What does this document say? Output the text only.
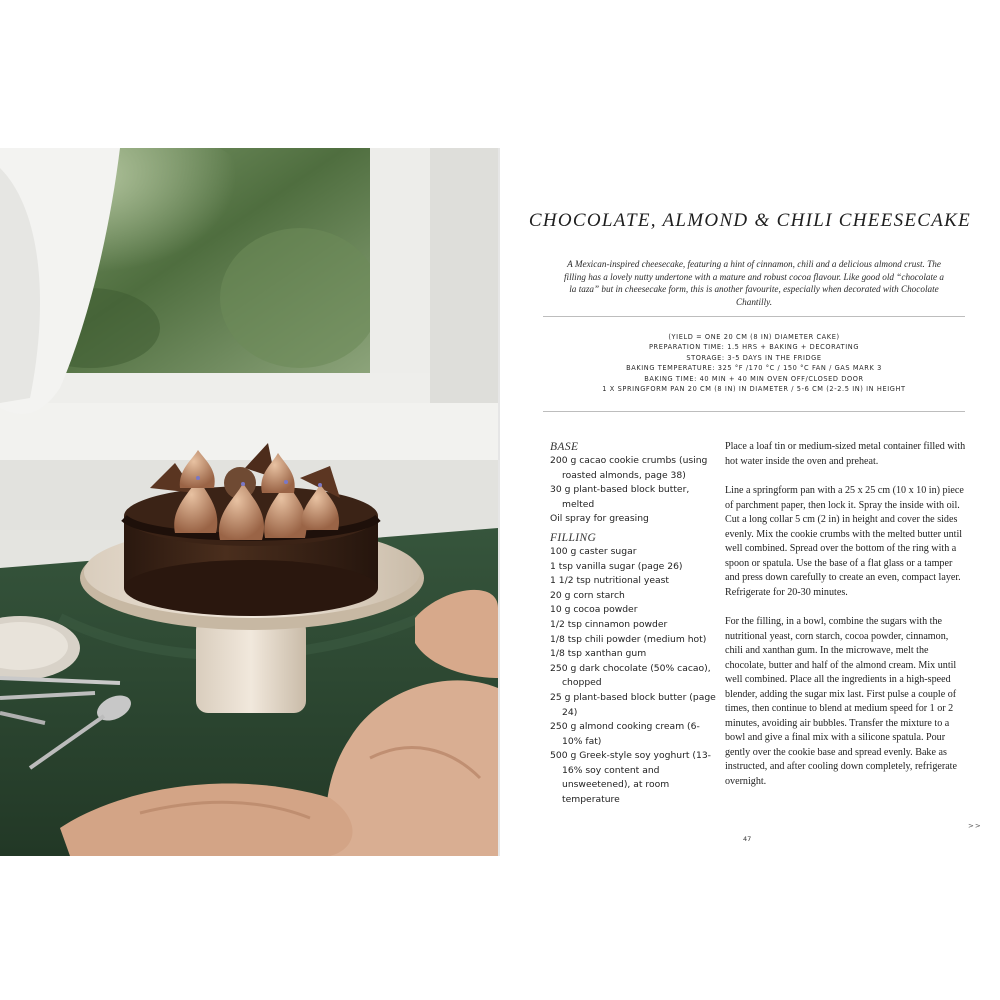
CHOCOLATE, ALMOND & CHILI CHEESECAKE
A Mexican-inspired cheesecake, featuring a hint of cinnamon, chili and a delicious almond crust. The filling has a lovely nutty undertone with a mature and robust cocoa flavour. Like good old “chocolate a la taza” but in cheesecake form, this is another favourite, especially when decorated with Chocolate Chantilly.
(YIELD = ONE 20 CM (8 IN) DIAMETER CAKE)
PREPARATION TIME: 1.5 HRS + BAKING + DECORATING
STORAGE: 3-5 DAYS IN THE FRIDGE
BAKING TEMPERATURE: 325 °F /170 °C / 150 °C FAN / GAS MARK 3
BAKING TIME: 40 MIN + 40 MIN OVEN OFF/CLOSED DOOR
1 X SPRINGFORM PAN 20 CM (8 IN) IN DIAMETER / 5-6 CM (2-2.5 IN) IN HEIGHT
BASE
200 g cacao cookie crumbs (using roasted almonds, page 38)
30 g plant-based block butter, melted
Oil spray for greasing
FILLING
100 g caster sugar
1 tsp vanilla sugar (page 26)
1 1/2 tsp nutritional yeast
20 g corn starch
10 g cocoa powder
1/2 tsp cinnamon powder
1/8 tsp chili powder (medium hot)
1/8 tsp xanthan gum
250 g dark chocolate (50% cacao), chopped
25 g plant-based block butter (page 24)
250 g almond cooking cream (6-10% fat)
500 g Greek-style soy yoghurt (13-16% soy content and unsweetened), at room temperature

Place a loaf tin or medium-sized metal container filled with hot water inside the oven and preheat.

Line a springform pan with a 25 x 25 cm (10 x 10 in) piece of parchment paper, then lock it. Spray the inside with oil. Cut a long collar 5 cm (2 in) in height and cover the sides evenly. Mix the cookie crumbs with the melted butter until well combined. Spread over the bottom of the ring with a spoon or spatula. Use the base of a flat glass or a tamper and press down carefully to create an even, compact layer. Refrigerate for 20-30 minutes.

For the filling, in a bowl, combine the sugars with the nutritional yeast, corn starch, cocoa powder, cinnamon, chili and xanthan gum. In the microwave, melt the chocolate, butter and half of the almond cream. Mix until well combined. Place all the ingredients in a high-speed blender, adding the sugar mix last. First pulse a couple of times, then continue to blend at medium speed for 1 or 2 minutes, avoiding air bubbles. Transfer the mixture to a bowl and give a final mix with a silicone spatula. Pour gently over the cookie base and spread evenly. Bake as instructed, and after cooling down completely, refrigerate overnight.

47
>>
